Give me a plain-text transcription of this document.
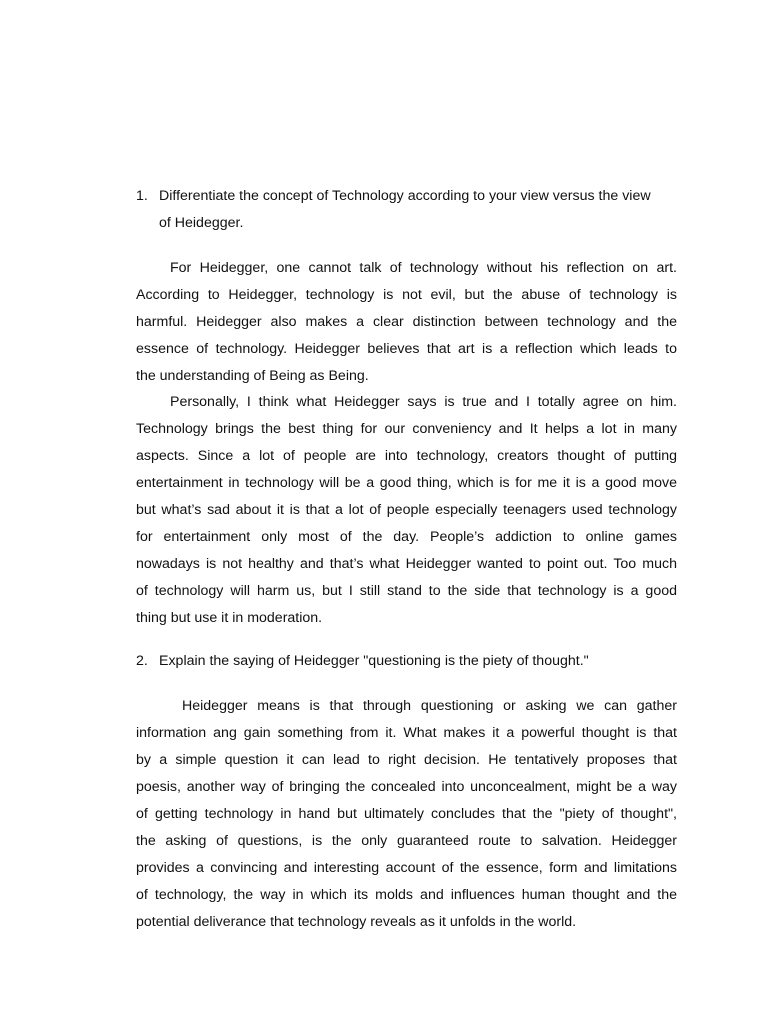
1. Differentiate the concept of Technology according to your view versus the view of Heidegger.
For Heidegger, one cannot talk of technology without his reflection on art.
According to Heidegger, technology is not evil, but the abuse of technology is
harmful. Heidegger also makes a clear distinction between technology and the
essence of technology. Heidegger believes that art is a reflection which leads to
the understanding of Being as Being.
Personally, I think what Heidegger says is true and I totally agree on him.
Technology brings the best thing for our conveniency and It helps a lot in many
aspects. Since a lot of people are into technology, creators thought of putting
entertainment in technology will be a good thing, which is for me it is a good move
but what’s sad about it is that a lot of people especially teenagers used technology
for entertainment only most of the day. People’s addiction to online games
nowadays is not healthy and that’s what Heidegger wanted to point out. Too much
of technology will harm us, but I still stand to the side that technology is a good
thing but use it in moderation.
2. Explain the saying of Heidegger "questioning is the piety of thought."
Heidegger means is that through questioning or asking we can gather
information ang gain something from it. What makes it a powerful thought is that
by a simple question it can lead to right decision. He tentatively proposes that
poesis, another way of bringing the concealed into unconcealment, might be a way
of getting technology in hand but ultimately concludes that the "piety of thought",
the asking of questions, is the only guaranteed route to salvation. Heidegger
provides a convincing and interesting account of the essence, form and limitations
of technology, the way in which its molds and influences human thought and the
potential deliverance that technology reveals as it unfolds in the world.
